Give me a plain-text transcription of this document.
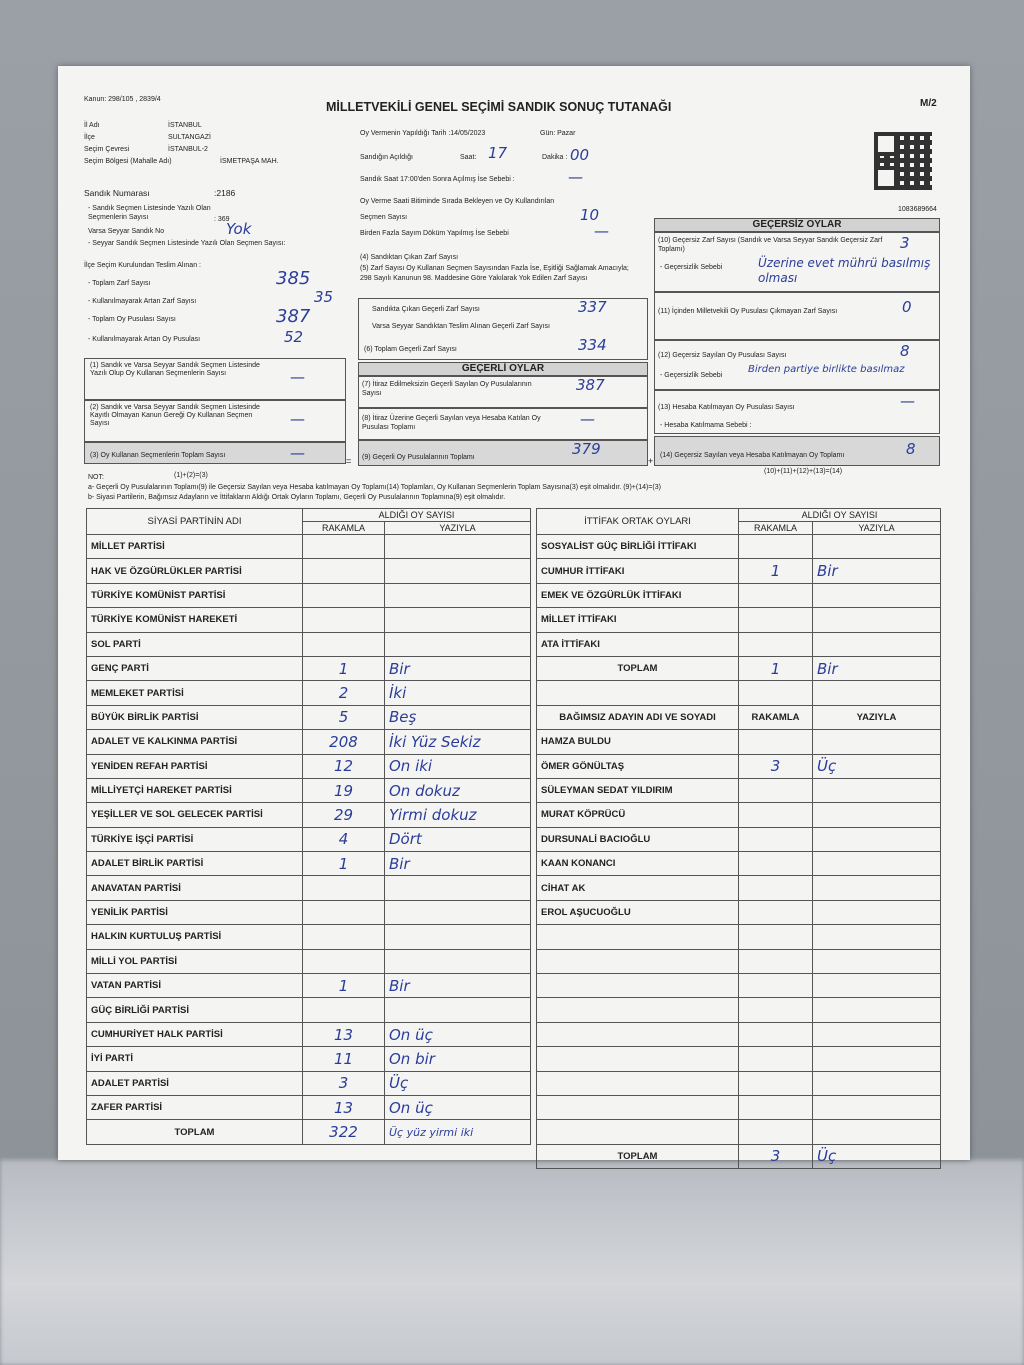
Kanun: 298/105 , 2839/4
MİLLETVEKİLİ GENEL SEÇİMİ SANDIK SONUÇ TUTANAĞI	M/2
1083689664
İl Adı	İSTANBUL
İlçe	SULTANGAZİ
Seçim Çevresi	İSTANBUL-2
Seçim Bölgesi (Mahalle Adı)	İSMETPAŞA MAH.
Sandık Numarası	:2186
- Sandık Seçmen Listesinde Yazılı Olan Seçmenlerin Sayısı	: 369
Varsa Seyyar Sandık No	Yok
- Seyyar Sandık Seçmen Listesinde Yazılı Olan Seçmen Sayısı:
Oy Vermenin Yapıldığı Tarih :14/05/2023	Gün: Pazar
Sandığın Açıldığı	Saat: 17	Dakika : 00
Sandık Saat 17:00'den Sonra Açılmış İse Sebebi :	—
Oy Verme Saati Bitiminde Sırada Bekleyen ve Oy Kullandırılan Seçmen Sayısı	10
Birden Fazla Sayım Döküm Yapılmış İse Sebebi	—
İlçe Seçim Kurulundan Teslim Alınan :
- Toplam Zarf Sayısı	385
- Kullanılmayarak Artan Zarf Sayısı	35
- Toplam Oy Pusulası Sayısı	387
- Kullanılmayarak Artan Oy Pusulası	52
(1) Sandık ve Varsa Seyyar Sandık Seçmen Listesinde Yazılı Olup Oy Kullanan Seçmenlerin Sayısı	—
(2) Sandık ve Varsa Seyyar Sandık Seçmen Listesinde Kayıtlı Olmayan Kanun Gereği Oy Kullanan Seçmen Sayısı	—
(3) Oy Kullanan Seçmenlerin Toplam Sayısı	—
(4) Sandıktan Çıkan Zarf Sayısı
(5) Zarf Sayısı Oy Kullanan Seçmen Sayısından Fazla İse, Eşitliği Sağlamak Amacıyla; 298 Sayılı Kanunun 98. Maddesine Göre Yakılarak Yok Edilen Zarf Sayısı
Sandıkta Çıkan Geçerli Zarf Sayısı	337
Varsa Seyyar Sandıktan Teslim Alınan Geçerli Zarf Sayısı
(6) Toplam Geçerli Zarf Sayısı	334
GEÇERLİ OYLAR
(7) İtiraz Edilmeksizin Geçerli Sayılan Oy Pusulalarının Sayısı	387
(8) İtiraz Üzerine Geçerli Sayılan veya Hesaba Katılan Oy Pusulası Toplamı	—
(9) Geçerli Oy Pusulalarının Toplamı	379
=	+
GEÇERSİZ OYLAR
(10) Geçersiz Zarf Sayısı (Sandık ve Varsa Seyyar Sandık Geçersiz Zarf Toplamı)	3
- Geçersizlik Sebebi	Üzerine evet mührü basılmış olması
(11) İçinden Milletvekili Oy Pusulası Çıkmayan Zarf Sayısı	0
(12) Geçersiz Sayılan Oy Pusulası Sayısı	8
- Geçersizlik Sebebi
Birden partiye birlikte basılmaz
(13) Hesaba Katılmayan Oy Pusulası Sayısı	—
- Hesaba Katılmama Sebebi :
(14) Geçersiz Sayılan veya Hesaba Katılmayan Oy Toplamı	8
(10)+(11)+(12)+(13)=(14)
NOT:	(1)+(2)=(3)
a- Geçerli Oy Pusulalarının Toplamı(9) ile Geçersiz Sayılan veya Hesaba katılmayan Oy Toplamı(14) Toplamları, Oy Kullanan Seçmenlerin Toplam Sayısına(3) eşit olmalıdır. (9)+(14)=(3)
b- Siyasi Partilerin, Bağımsız Adayların ve İttifakların Aldığı Ortak Oyların Toplamı, Geçerli Oy Pusulalarının Toplamına(9) eşit olmalıdır.
SİYASİ PARTİNİN ADI	ALDIĞI OY SAYISI	
	RAKAMLA	YAZIYLA
MİLLET PARTİSİ		
HAK VE ÖZGÜRLÜKLER PARTİSİ		
TÜRKİYE KOMÜNİST PARTİSİ		
TÜRKİYE KOMÜNİST HAREKETİ		
SOL PARTİ		
GENÇ PARTİ	1	Bir
MEMLEKET PARTİSİ	2	İki
BÜYÜK BİRLİK PARTİSİ	5	Beş
ADALET VE KALKINMA PARTİSİ	208	İki Yüz Sekiz
YENİDEN REFAH PARTİSİ	12	On iki
MİLLİYETÇİ HAREKET PARTİSİ	19	On dokuz
YEŞİLLER VE SOL GELECEK PARTİSİ	29	Yirmi dokuz
TÜRKİYE İŞÇİ PARTİSİ	4	Dört
ADALET BİRLİK PARTİSİ	1	Bir
ANAVATAN PARTİSİ		
YENİLİK PARTİSİ		
HALKIN KURTULUŞ PARTİSİ		
MİLLİ YOL PARTİSİ		
VATAN PARTİSİ	1	Bir
GÜÇ BİRLİĞİ PARTİSİ		
CUMHURİYET HALK PARTİSİ	13	On üç
İYİ PARTİ	11	On bir
ADALET PARTİSİ	3	Üç
ZAFER PARTİSİ	13	On üç
TOPLAM	322	Üç yüz yirmi iki
İTTİFAK ORTAK OYLARI	ALDIĞI OY SAYISI	
	RAKAMLA	YAZIYLA
SOSYALİST GÜÇ BİRLİĞİ İTTİFAKI		
CUMHUR İTTİFAKI	1	Bir
EMEK VE ÖZGÜRLÜK İTTİFAKI		
MİLLET İTTİFAKI		
ATA İTTİFAKI		
TOPLAM	1	Bir

BAĞIMSIZ ADAYIN ADI VE SOYADI	RAKAMLA	YAZIYLA
HAMZA BULDU		
ÖMER GÖNÜLTAŞ	3	Üç
SÜLEYMAN SEDAT YILDIRIM		
MURAT KÖPRÜCÜ		
DURSUNALİ BACIOĞLU		
KAAN KONANCI		
CİHAT AK		
EROL AŞUCUOĞLU		

TOPLAM	3	Üç
